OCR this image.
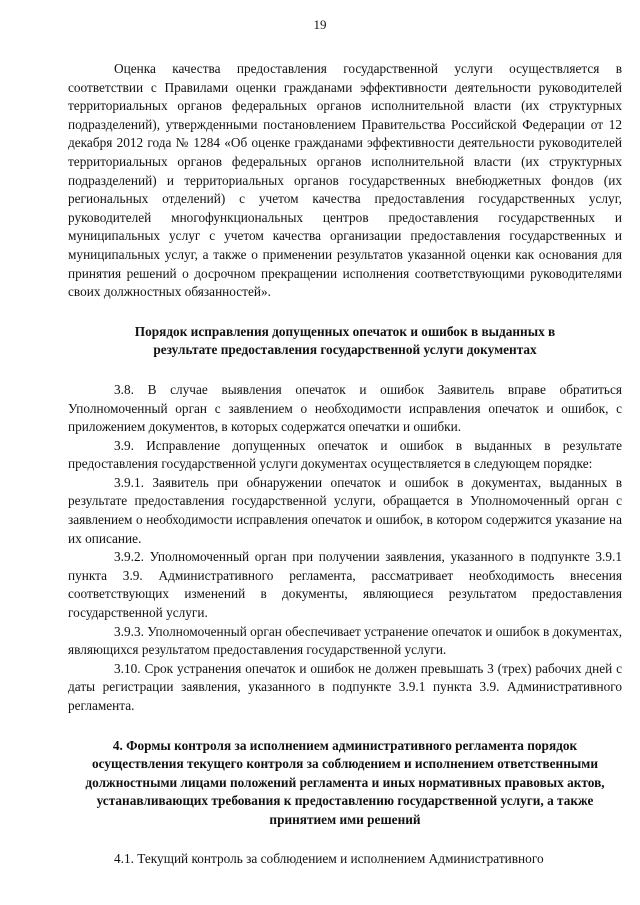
19

Оценка качества предоставления государственной услуги осуществляется в соответствии с Правилами оценки гражданами эффективности деятельности руководителей территориальных органов федеральных органов исполнительной власти (их структурных подразделений), утвержденными постановлением Правительства Российской Федерации от 12 декабря 2012 года № 1284 «Об оценке гражданами эффективности деятельности руководителей территориальных органов федеральных органов исполнительной власти (их структурных подразделений) и территориальных органов государственных внебюджетных фондов (их региональных отделений) с учетом качества предоставления государственных услуг, руководителей многофункциональных центров предоставления государственных и муниципальных услуг с учетом качества организации предоставления государственных и муниципальных услуг, а также о применении результатов указанной оценки как основания для принятия решений о досрочном прекращении исполнения соответствующими руководителями своих должностных обязанностей».

Порядок исправления допущенных опечаток и ошибок в выданных в результате предоставления государственной услуги документах

3.8. В случае выявления опечаток и ошибок Заявитель вправе обратиться Уполномоченный орган с заявлением о необходимости исправления опечаток и ошибок, с приложением документов, в которых содержатся опечатки и ошибки.

3.9. Исправление допущенных опечаток и ошибок в выданных в результате предоставления государственной услуги документах осуществляется в следующем порядке:

3.9.1. Заявитель при обнаружении опечаток и ошибок в документах, выданных в результате предоставления государственной услуги, обращается в Уполномоченный орган с заявлением о необходимости исправления опечаток и ошибок, в котором содержится указание на их описание.

3.9.2. Уполномоченный орган при получении заявления, указанного в подпункте 3.9.1 пункта 3.9. Административного регламента, рассматривает необходимость внесения соответствующих изменений в документы, являющиеся результатом предоставления государственной услуги.

3.9.3. Уполномоченный орган обеспечивает устранение опечаток и ошибок в документах, являющихся результатом предоставления государственной услуги.

3.10. Срок устранения опечаток и ошибок не должен превышать 3 (трех) рабочих дней с даты регистрации заявления, указанного в подпункте 3.9.1 пункта 3.9. Административного регламента.

4. Формы контроля за исполнением административного регламента порядок осуществления текущего контроля за соблюдением и исполнением ответственными должностными лицами положений регламента и иных нормативных правовых актов, устанавливающих требования к предоставлению государственной услуги, а также принятием ими решений

4.1. Текущий контроль за соблюдением и исполнением Административного
